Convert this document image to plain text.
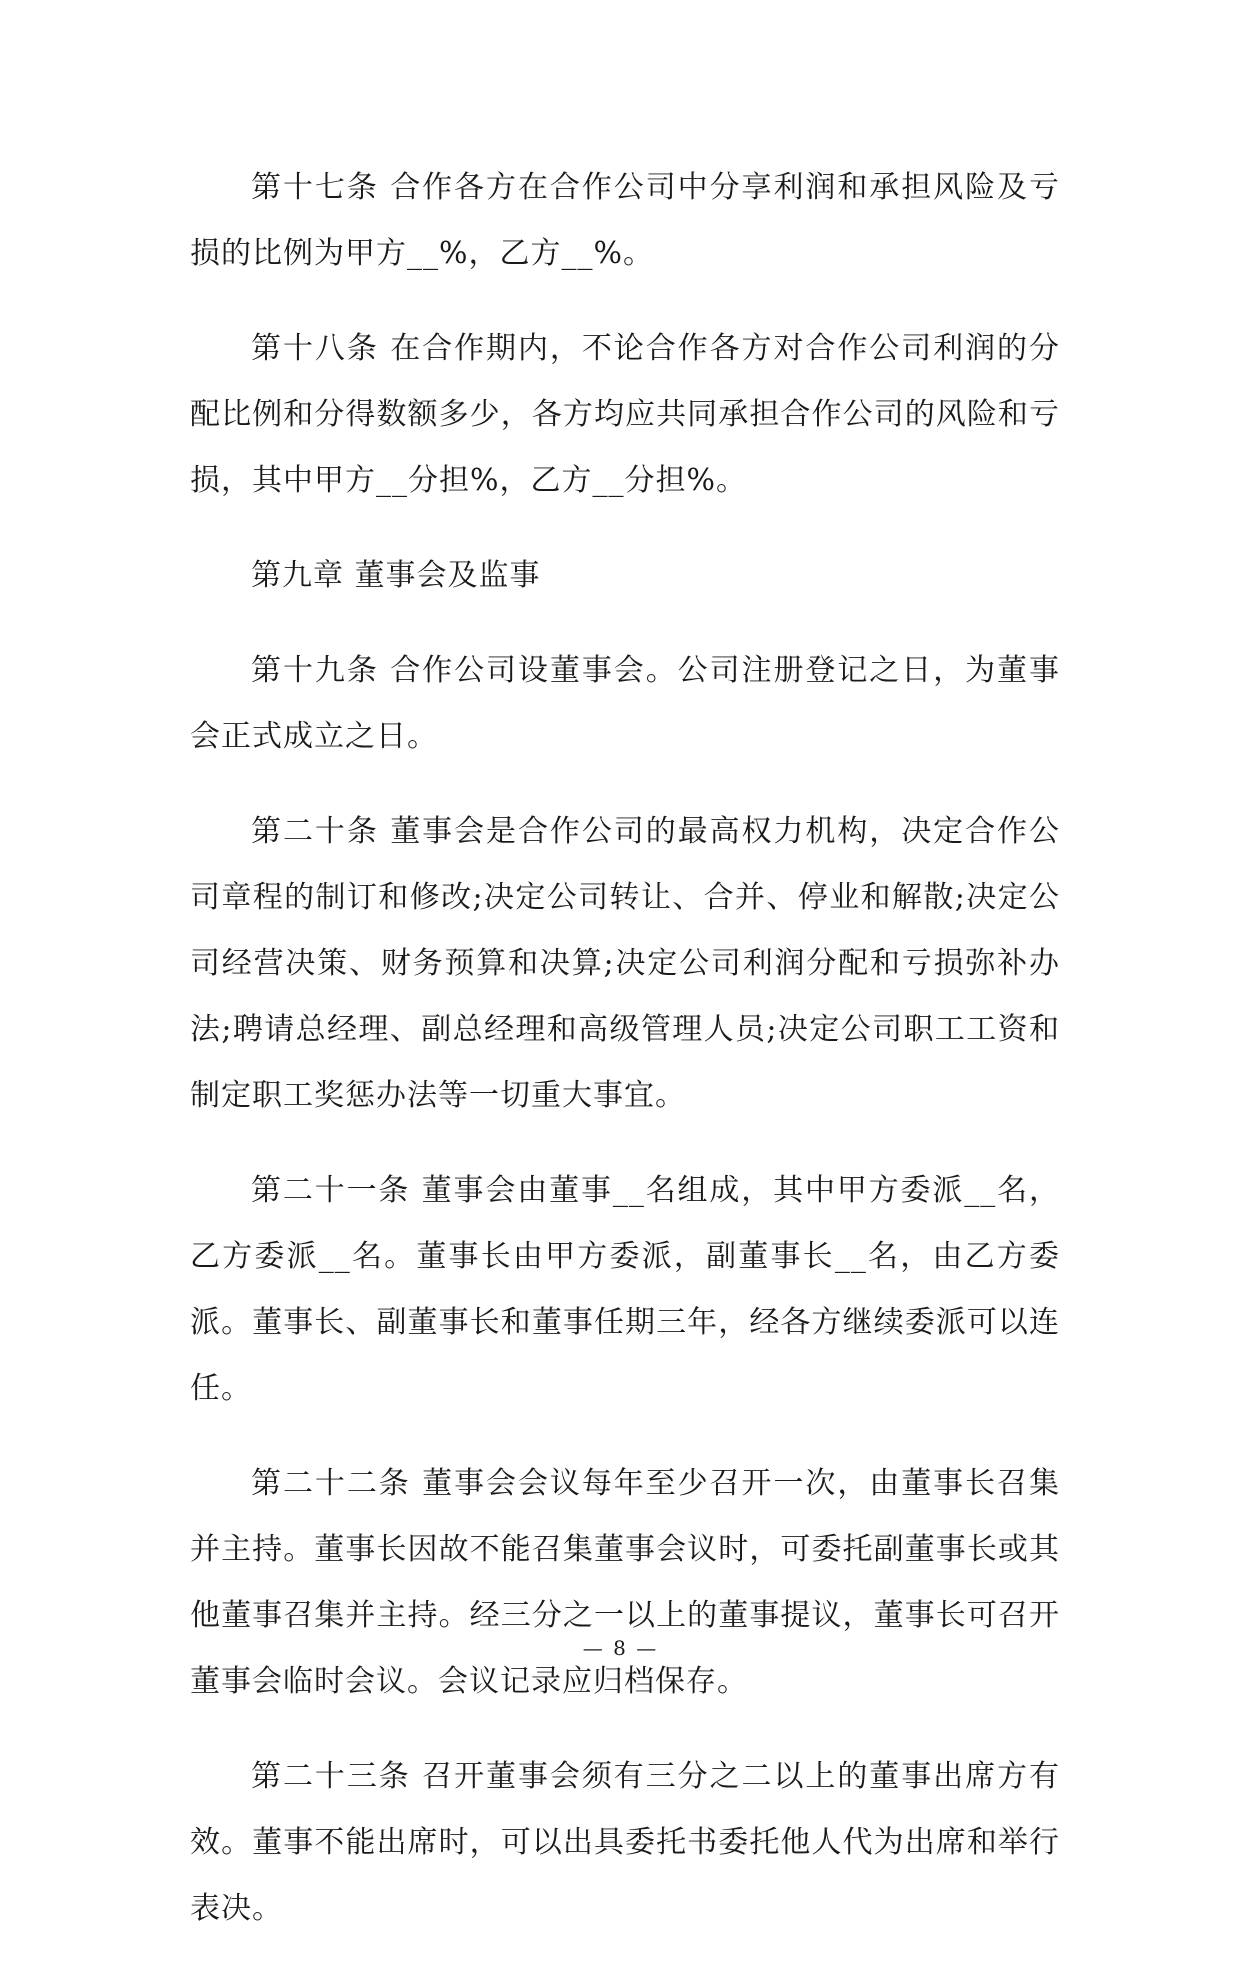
第十七条 合作各方在合作公司中分享利润和承担风险及亏损的比例为甲方__%，乙方__%。

第十八条 在合作期内，不论合作各方对合作公司利润的分配比例和分得数额多少，各方均应共同承担合作公司的风险和亏损，其中甲方__分担%，乙方__分担%。

第九章 董事会及监事

第十九条 合作公司设董事会。公司注册登记之日，为董事会正式成立之日。

第二十条 董事会是合作公司的最高权力机构，决定合作公司章程的制订和修改;决定公司转让、合并、停业和解散;决定公司经营决策、财务预算和决算;决定公司利润分配和亏损弥补办法;聘请总经理、副总经理和高级管理人员;决定公司职工工资和制定职工奖惩办法等一切重大事宜。

第二十一条 董事会由董事__名组成，其中甲方委派__名，乙方委派__名。董事长由甲方委派，副董事长__名，由乙方委派。董事长、副董事长和董事任期三年，经各方继续委派可以连任。

第二十二条 董事会会议每年至少召开一次，由董事长召集并主持。董事长因故不能召集董事会议时，可委托副董事长或其他董事召集并主持。经三分之一以上的董事提议，董事长可召开董事会临时会议。会议记录应归档保存。

第二十三条 召开董事会须有三分之二以上的董事出席方有效。董事不能出席时，可以出具委托书委托他人代为出席和举行表决。

— 8 —
